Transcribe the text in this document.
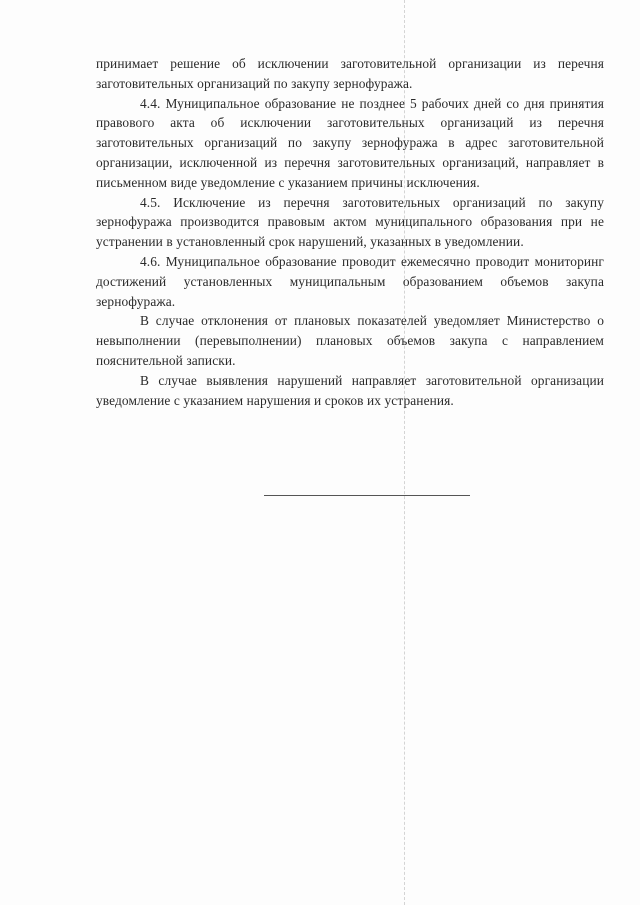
принимает решение об исключении заготовительной организации из перечня заготовительных организаций по закупу зернофуража.

4.4. Муниципальное образование не позднее 5 рабочих дней со дня принятия правового акта об исключении заготовительных организаций из перечня заготовительных организаций по закупу зернофуража в адрес заготовительной организации, исключенной из перечня заготовительных организаций, направляет в письменном виде уведомление с указанием причины исключения.

4.5. Исключение из перечня заготовительных организаций по закупу зернофуража производится правовым актом муниципального образования при не устранении в установленный срок нарушений, указанных в уведомлении.

4.6. Муниципальное образование проводит ежемесячно проводит мониторинг достижений установленных муниципальным образованием объемов закупа зернофуража.

В случае отклонения от плановых показателей уведомляет Министерство о невыполнении (перевыполнении) плановых объемов закупа с направлением пояснительной записки.

В случае выявления нарушений направляет заготовительной организации уведомление с указанием нарушения и сроков их устранения.
